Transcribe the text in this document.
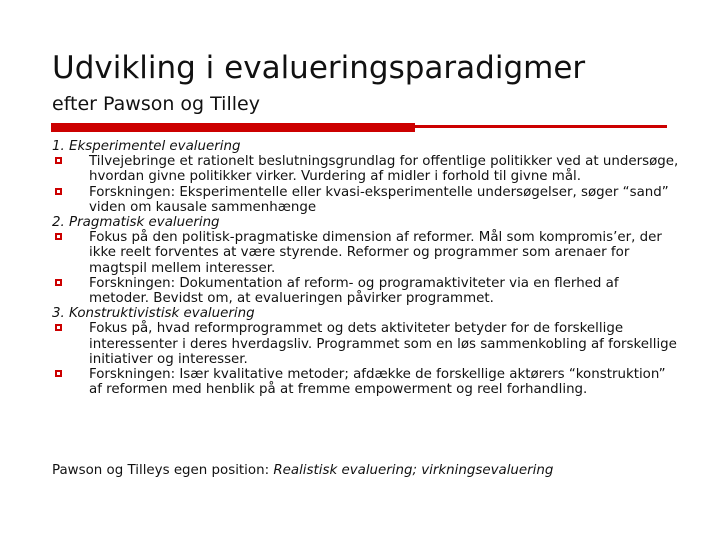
Udvikling i evalueringsparadigmer
efter Pawson og Tilley
1. Eksperimentel evaluering
Tilvejebringe et rationelt beslutningsgrundlag for offentlige politikker ved at undersøge, hvordan givne politikker virker. Vurdering af midler i forhold til givne mål.
Forskningen: Eksperimentelle eller kvasi-eksperimentelle undersøgelser, søger “sand” viden om kausale sammenhænge
2. Pragmatisk evaluering
Fokus på den politisk-pragmatiske dimension af reformer. Mål som kompromis’er, der ikke reelt forventes at være styrende. Reformer og programmer som arenaer for magtspil mellem interesser.
Forskningen: Dokumentation af reform- og programaktiviteter via en flerhed af metoder. Bevidst om, at evalueringen påvirker programmet.
3. Konstruktivistisk evaluering
Fokus på, hvad reformprogrammet og dets aktiviteter betyder for de forskellige interessenter i deres hverdagsliv. Programmet som en løs sammenkobling af forskellige initiativer og interesser.
Forskningen: Især kvalitative metoder; afdække de forskellige aktørers “konstruktion” af reformen med henblik på at fremme empowerment og reel forhandling.
Pawson og Tilleys egen position: Realistisk evaluering; virkningsevaluering
